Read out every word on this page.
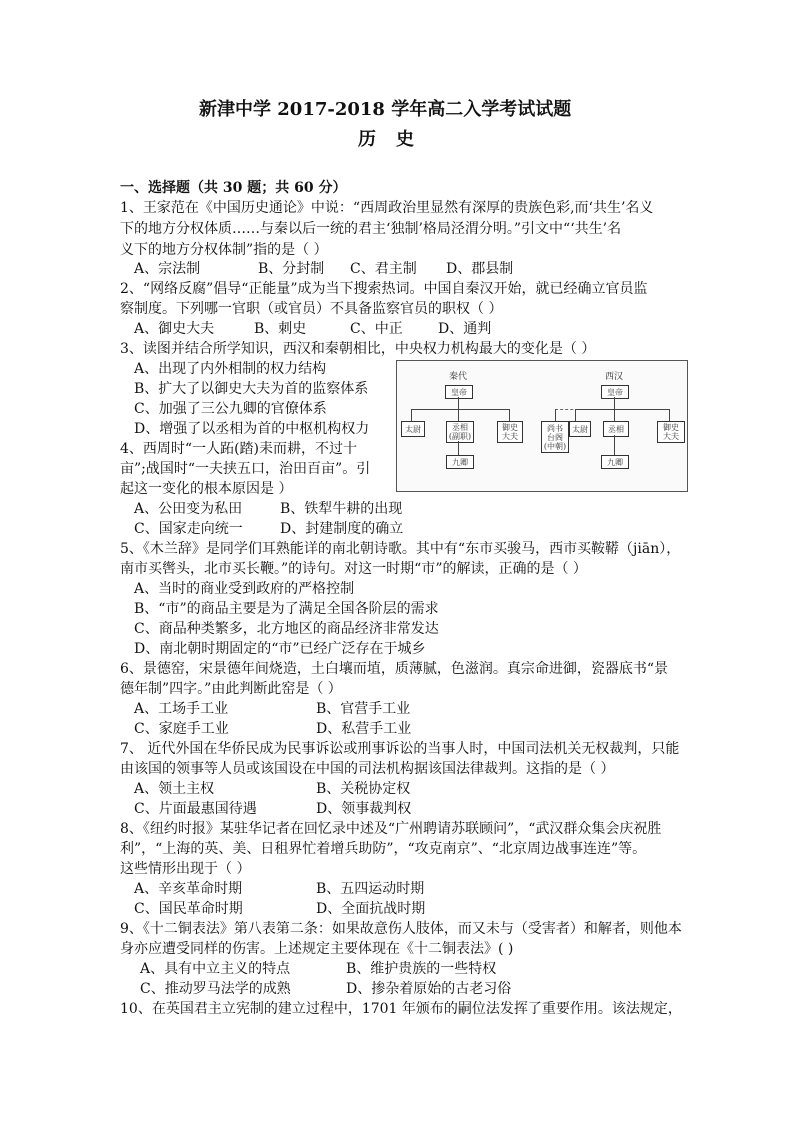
新津中学 2017-2018 学年高二入学考试试题
历史
一、选择题（共 30 题；共 60 分）
1、王家范在《中国历史通论》中说：“西周政治里显然有深厚的贵族色彩,而‘共生’名义
下的地方分权体质……与秦以后一统的君主‘独制’格局泾渭分明。”引文中“‘共生’名
义下的地方分权体制”指的是（ ）
A、宗法制	B、分封制 C、君主制 D、郡县制
2、“网络反腐”倡导“正能量”成为当下搜索热词。中国自秦汉开始，就已经确立官员监
察制度。下列哪一官职（或官员）不具备监察官员的职权（ ）
A、御史大夫	B、刺史	C、中正	D、通判
3、读图并结合所学知识，西汉和秦朝相比，中央权力机构最大的变化是（ ）
A、出现了内外相制的权力结构
B、扩大了以御史大夫为首的监察体系
C、加强了三公九卿的官僚体系
D、增强了以丞相为首的中枢机构权力
秦代
皇帝
太尉	丞相
(副职)
御史
大夫
九卿
西汉
皇帝
尚书
台阁
(中朝)
太尉	丞相	御史
大夫
九卿
4、西周时“一人跖(踏)耒而耕，不过十
亩”;战国时“一夫挟五口，治田百亩”。引
起这一变化的根本原因是 ）
A、公田变为私田	B、铁犁牛耕的出现
C、国家走向统一	D、封建制度的确立
5、《木兰辞》是同学们耳熟能详的南北朝诗歌。其中有“东市买骏马，西市买鞍鞯（jiān），
南市买辔头，北市买长鞭。”的诗句。对这一时期“市”的解读，正确的是（ ）
A、当时的商业受到政府的严格控制
B、“市”的商品主要是为了满足全国各阶层的需求
C、商品种类繁多，北方地区的商品经济非常发达
D、南北朝时期固定的“市”已经广泛存在于城乡
6、景德窑，宋景德年间烧造，土白壤而埴，质薄腻，色滋润。真宗命进御，瓷器底书“景
德年制”四字。”由此判断此窑是（ ）
A、工场手工业	B、官营手工业
C、家庭手工业	D、私营手工业
7、 近代外国在华侨民成为民事诉讼或刑事诉讼的当事人时，中国司法机关无权裁判，只能
由该国的领事等人员或该国设在中国的司法机构据该国法律裁判。这指的是（ ）
A、领土主权	B、关税协定权
C、片面最惠国待遇	D、领事裁判权
8、《纽约时报》某驻华记者在回忆录中述及“广州聘请苏联顾问”，“武汉群众集会庆祝胜
利”，“上海的英、美、日租界忙着增兵助防”，“攻克南京”、“北京周边战事连连”等。
这些情形出现于（ ）
A、辛亥革命时期	B、五四运动时期
C、国民革命时期	D、全面抗战时期
9、《十二铜表法》第八表第二条：如果故意伤人肢体，而又未与（受害者）和解者，则他本
身亦应遭受同样的伤害。上述规定主要体现在《十二铜表法》( )
A、具有中立主义的特点	B、维护贵族的一些特权
C、推动罗马法学的成熟	D、掺杂着原始的古老习俗
10、在英国君主立宪制的建立过程中，1701 年颁布的嗣位法发挥了重要作用。该法规定，
